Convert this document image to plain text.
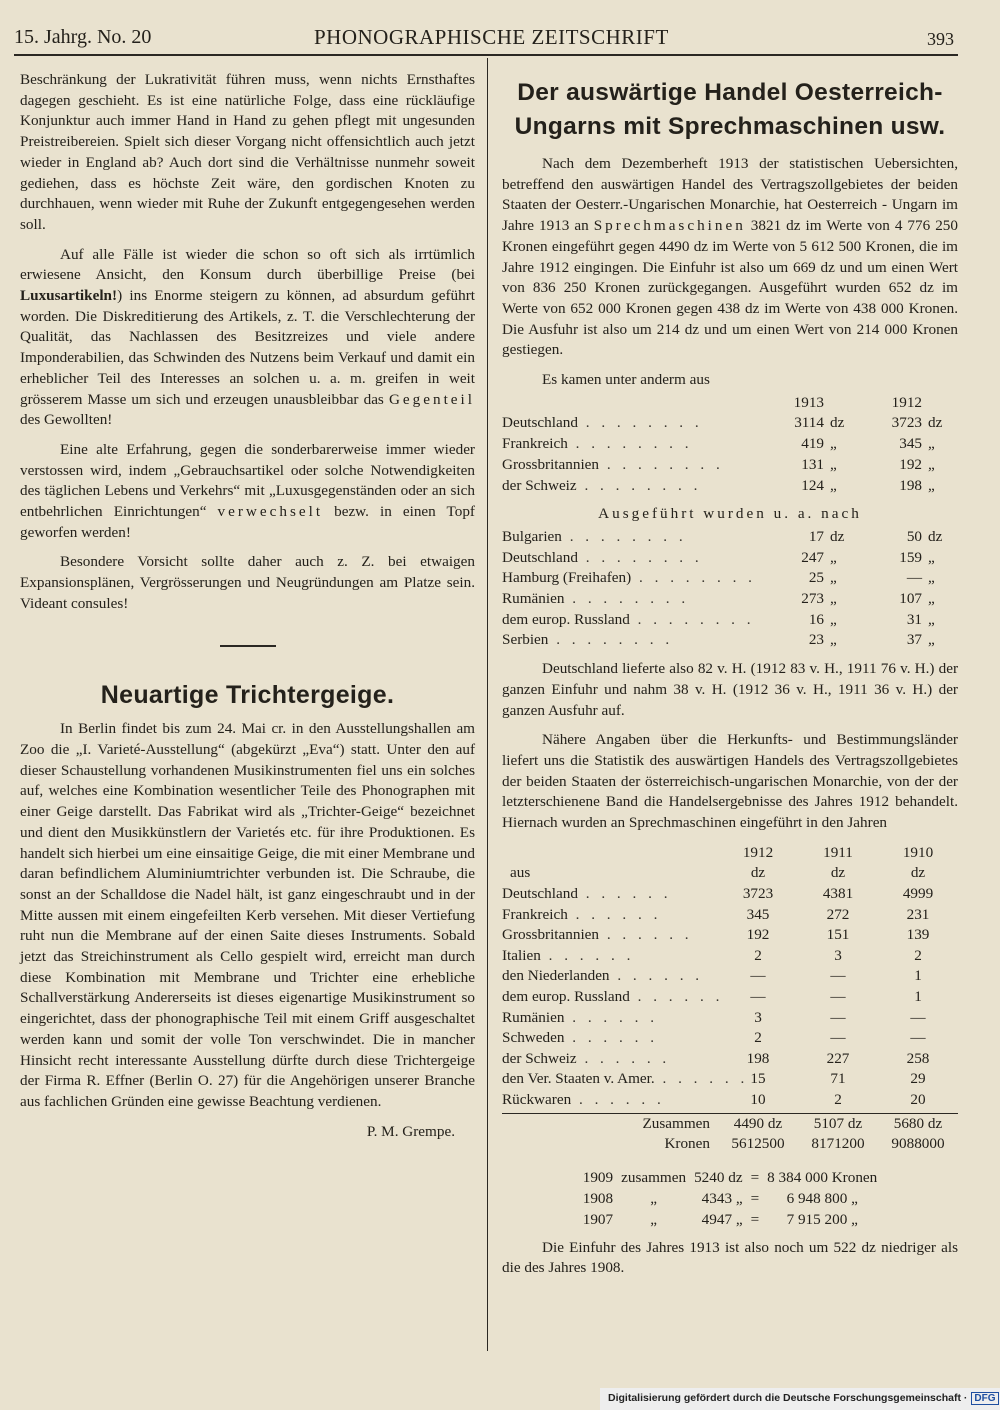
15. Jahrg. No. 20	PHONOGRAPHISCHE ZEITSCHRIFT	393

Beschränkung der Lukrativität führen muss, wenn nichts Ernsthaftes dagegen geschieht. Es ist eine natürliche Folge, dass eine rückläufige Konjunktur auch immer Hand in Hand zu gehen pflegt mit ungesunden Preistreibereien. Spielt sich dieser Vorgang nicht offensichtlich auch jetzt wieder in England ab? Auch dort sind die Verhältnisse nunmehr soweit gediehen, dass es höchste Zeit wäre, den gordischen Knoten zu durchhauen, wenn wieder mit Ruhe der Zukunft entgegengesehen werden soll.

Auf alle Fälle ist wieder die schon so oft sich als irrtümlich erwiesene Ansicht, den Konsum durch überbillige Preise (bei Luxusartikeln!) ins Enorme steigern zu können, ad absurdum geführt worden. Die Diskreditierung des Artikels, z. T. die Verschlechterung der Qualität, das Nachlassen des Besitzreizes und viele andere Imponderabilien, das Schwinden des Nutzens beim Verkauf und damit ein erheblicher Teil des Interesses an solchen u. a. m. greifen in weit grösserem Masse um sich und erzeugen unausbleibbar das Gegenteil des Gewollten!

Eine alte Erfahrung, gegen die sonderbarerweise immer wieder verstossen wird, indem „Gebrauchsartikel oder solche Notwendigkeiten des täglichen Lebens und Verkehrs“ mit „Luxusgegenständen oder an sich entbehrlichen Einrichtungen“ verwechselt bezw. in einen Topf geworfen werden!

Besondere Vorsicht sollte daher auch z. Z. bei etwaigen Expansionsplänen, Vergrösserungen und Neugründungen am Platze sein. Videant consules!

Neuartige Trichtergeige.

In Berlin findet bis zum 24. Mai cr. in den Ausstellungshallen am Zoo die „I. Varieté-Ausstellung“ (abgekürzt „Eva“) statt. Unter den auf dieser Schaustellung vorhandenen Musikinstrumenten fiel uns ein solches auf, welches eine Kombination wesentlicher Teile des Phonographen mit einer Geige darstellt. Das Fabrikat wird als „Trichter-Geige“ bezeichnet und dient den Musikkünstlern der Varietés etc. für ihre Produktionen. Es handelt sich hierbei um eine einsaitige Geige, die mit einer Membrane und daran befindlichem Aluminiumtrichter verbunden ist. Die Schraube, die sonst an der Schalldose die Nadel hält, ist ganz eingeschraubt und in der Mitte aussen mit einem eingefeilten Kerb versehen. Mit dieser Vertiefung ruht nun die Membrane auf der einen Saite dieses Instruments. Sobald jetzt das Streichinstrument als Cello gespielt wird, erreicht man durch diese Kombination mit Membrane und Trichter eine erhebliche Schallverstärkung Andererseits ist dieses eigenartige Musikinstrument so eingerichtet, dass der phonographische Teil mit einem Griff ausgeschaltet werden kann und somit der volle Ton verschwindet. Die in mancher Hinsicht recht interessante Ausstellung dürfte durch diese Trichtergeige der Firma R. Effner (Berlin O. 27) für die Angehörigen unserer Branche aus fachlichen Gründen eine gewisse Beachtung verdienen.

P. M. Grempe.

Der auswärtige Handel Oesterreich-Ungarns mit Sprechmaschinen usw.

Nach dem Dezemberheft 1913 der statistischen Uebersichten, betreffend den auswärtigen Handel des Vertragszollgebietes der beiden Staaten der Oesterr.-Ungarischen Monarchie, hat Oesterreich - Ungarn im Jahre 1913 an Sprechmaschinen 3821 dz im Werte von 4 776 250 Kronen eingeführt gegen 4490 dz im Werte von 5 612 500 Kronen, die im Jahre 1912 eingingen. Die Einfuhr ist also um 669 dz und um einen Wert von 836 250 Kronen zurückgegangen. Ausgeführt wurden 652 dz im Werte von 652 000 Kronen gegen 438 dz im Werte von 438 000 Kronen. Die Ausfuhr ist also um 214 dz und um einen Wert von 214 000 Kronen gestiegen.

Es kamen unter anderm aus

	1913		1912	
Deutschland . . . . . . . .	3114	dz	3723	dz
Frankreich . . . . . . . .	419	„	345	„
Grossbritannien . . . . . . . .	131	„	192	„
der Schweiz . . . . . . . .	124	„	198	„

Ausgeführt wurden u. a. nach

Bulgarien . . . . . . . .	17	dz	50	dz
Deutschland . . . . . . . .	247	„	159	„
Hamburg (Freihafen) . . . . . . . .	25	„	—	„
Rumänien . . . . . . . .	273	„	107	„
dem europ. Russland . . . . . . . .	16	„	31	„
Serbien . . . . . . . .	23	„	37	„

Deutschland lieferte also 82 v. H. (1912 83 v. H., 1911 76 v. H.) der ganzen Einfuhr und nahm 38 v. H. (1912 36 v. H., 1911 36 v. H.) der ganzen Ausfuhr auf.

Nähere Angaben über die Herkunfts- und Bestimmungsländer liefert uns die Statistik des auswärtigen Handels des Vertragszollgebietes der beiden Staaten der österreichisch-ungarischen Monarchie, von der der letzterschienene Band die Handelsergebnisse des Jahres 1912 behandelt. Hiernach wurden an Sprechmaschinen eingeführt in den Jahren

	1912	1911	1910
aus	dz	dz	dz
Deutschland . . . . . .	3723	4381	4999
Frankreich . . . . . .	345	272	231
Grossbritannien . . . . . .	192	151	139
Italien . . . . . .	2	3	2
den Niederlanden . . . . . .	—	—	1
dem europ. Russland . . . . . .	—	—	1
Rumänien . . . . . .	3	—	—
Schweden . . . . . .	2	—	—
der Schweiz . . . . . .	198	227	258
den Ver. Staaten v. Amer. . . . . . .	15	71	29
Rückwaren . . . . . .	10	2	20
Zusammen	4490 dz	5107 dz	5680 dz
Kronen	5612500	8171200	9088000
1909	zusammen	5240 dz	=	8 384 000 Kronen
1908	„	4343 „	=	6 948 800 „
1907	„	4947 „	=	7 915 200 „

Die Einfuhr des Jahres 1913 ist also noch um 522 dz niedriger als die des Jahres 1908.

Digitalisierung gefördert durch die Deutsche Forschungsgemeinschaft · DFG
